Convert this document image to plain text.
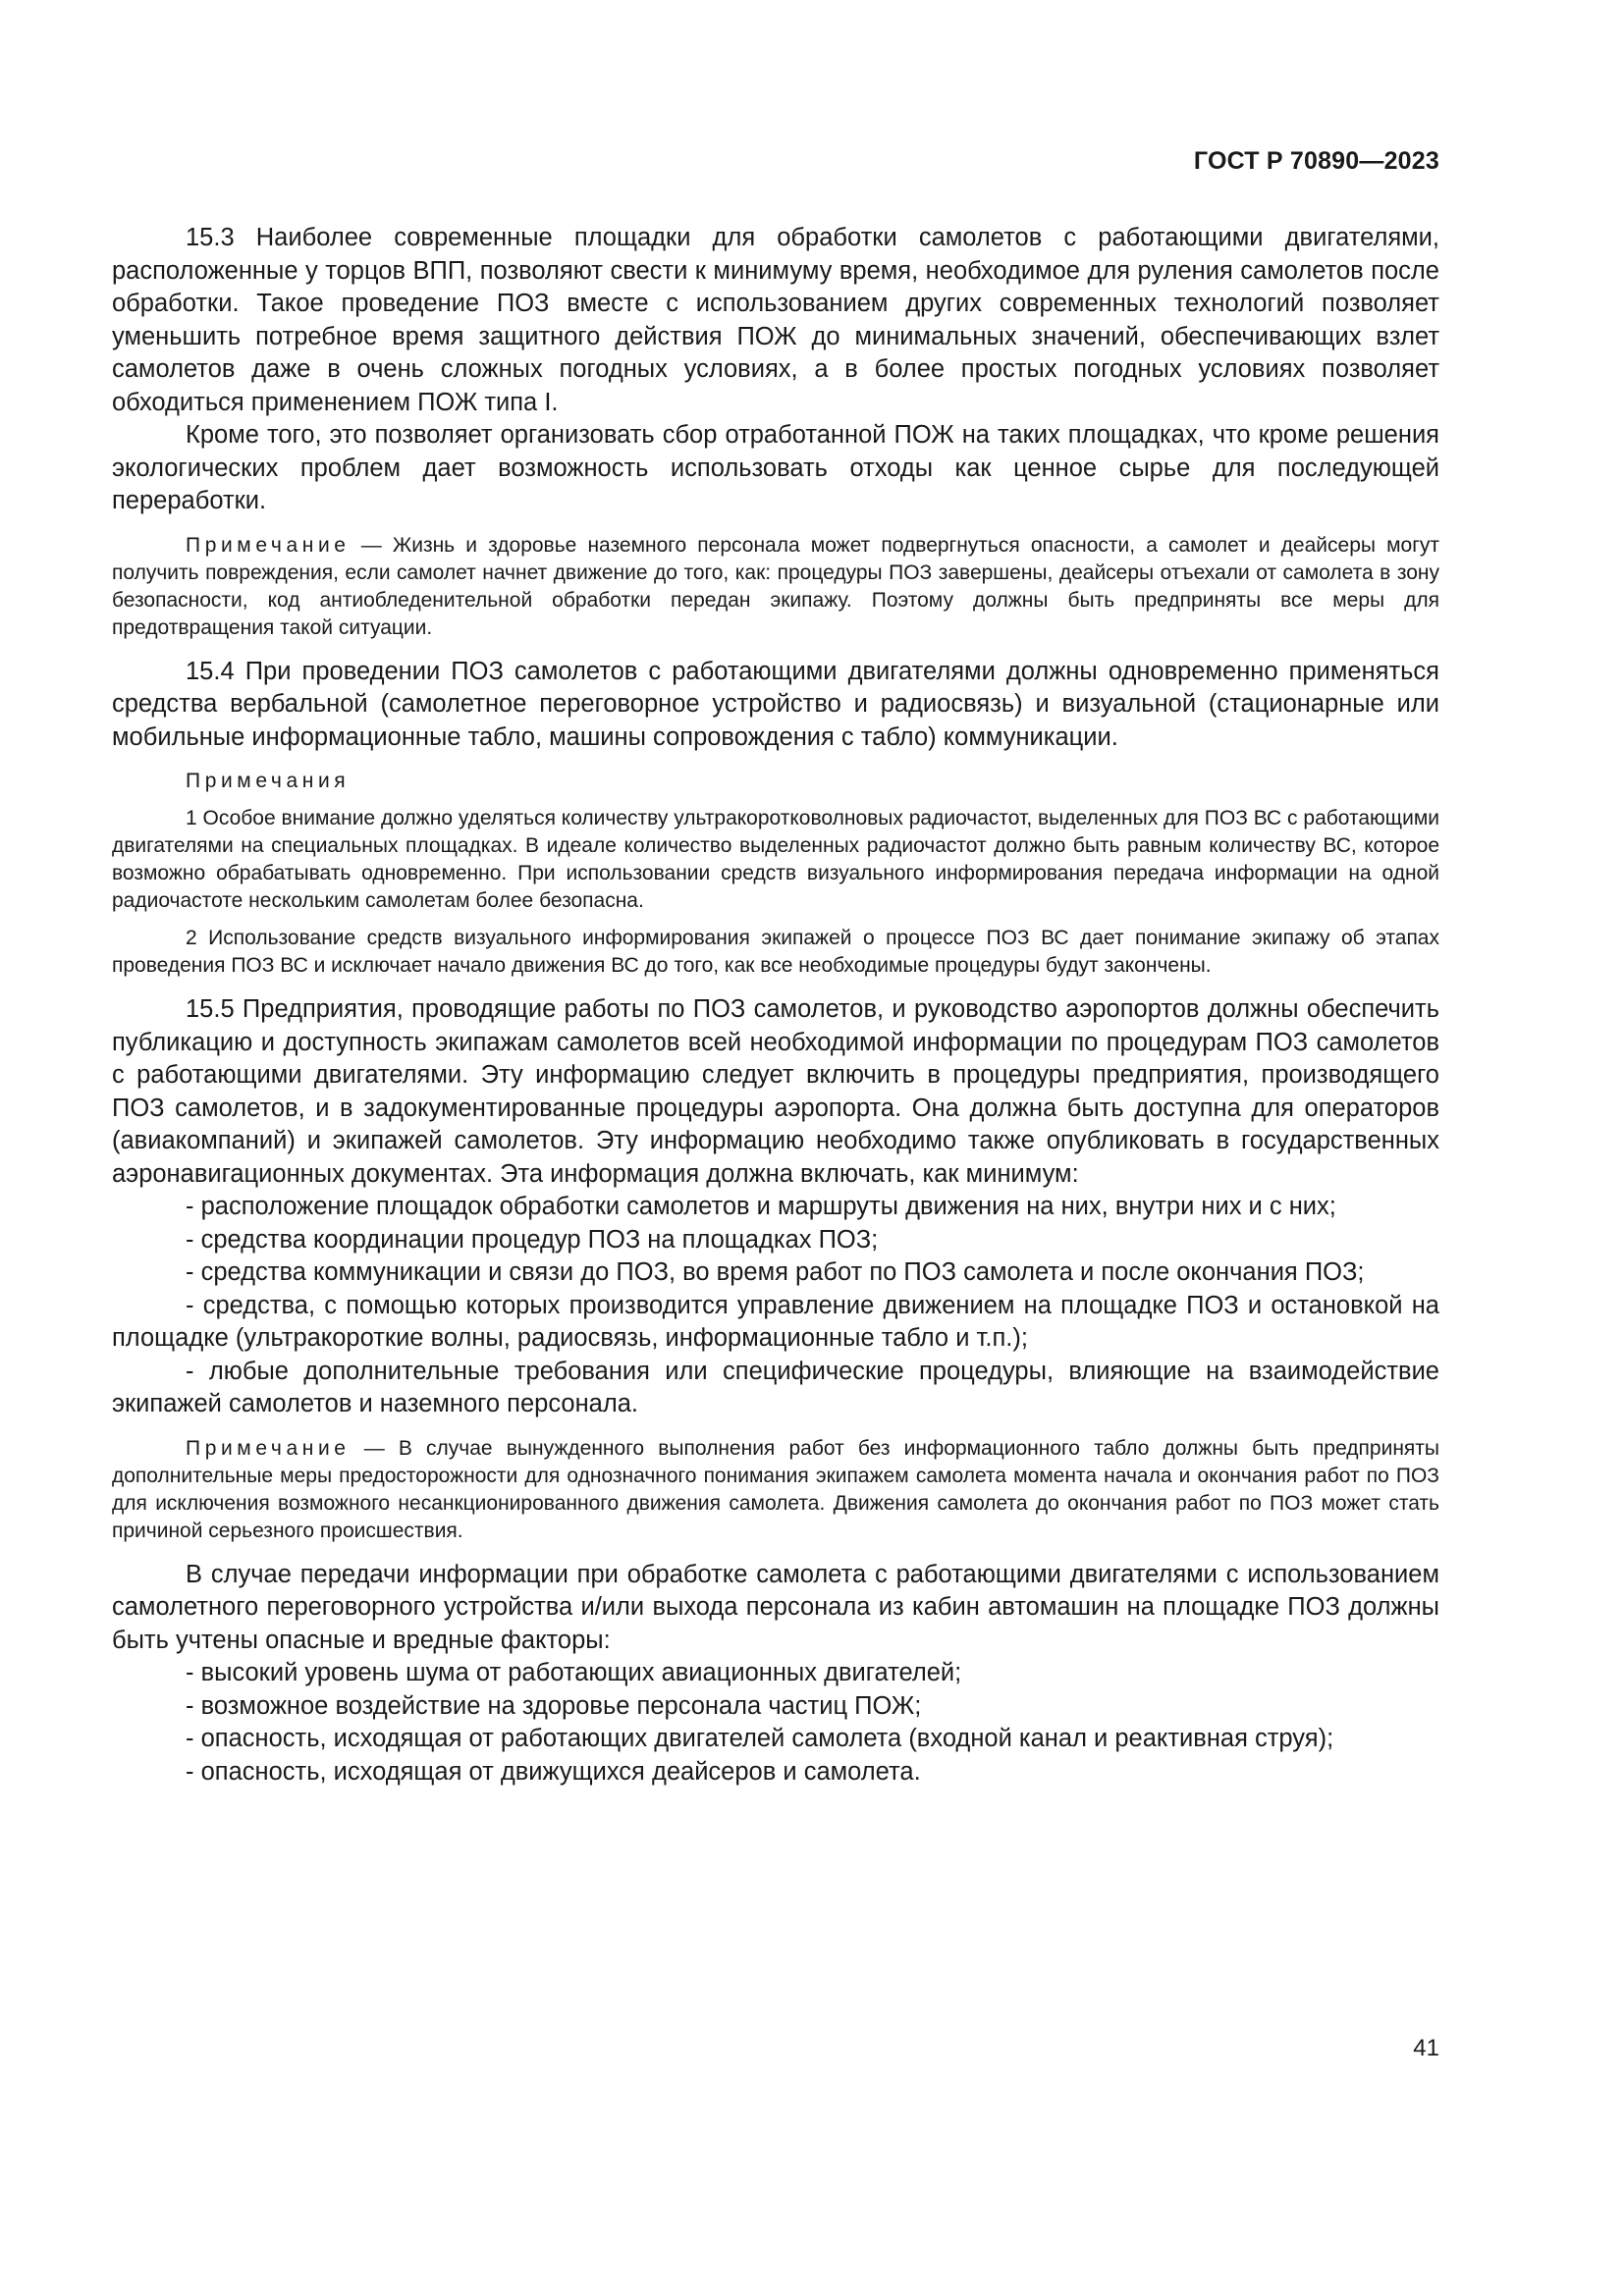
ГОСТ Р 70890—2023

15.3 Наиболее современные площадки для обработки самолетов с работающими двигателями, расположенные у торцов ВПП, позволяют свести к минимуму время, необходимое для руления самолетов после обработки. Такое проведение ПОЗ вместе с использованием других современных технологий позволяет уменьшить потребное время защитного действия ПОЖ до минимальных значений, обеспечивающих взлет самолетов даже в очень сложных погодных условиях, а в более простых погодных условиях позволяет обходиться применением ПОЖ типа I.

Кроме того, это позволяет организовать сбор отработанной ПОЖ на таких площадках, что кроме решения экологических проблем дает возможность использовать отходы как ценное сырье для последующей переработки.

Примечание — Жизнь и здоровье наземного персонала может подвергнуться опасности, а самолет и деайсеры могут получить повреждения, если самолет начнет движение до того, как: процедуры ПОЗ завершены, деайсеры отъехали от самолета в зону безопасности, код антиобледенительной обработки передан экипажу. Поэтому должны быть предприняты все меры для предотвращения такой ситуации.

15.4 При проведении ПОЗ самолетов с работающими двигателями должны одновременно применяться средства вербальной (самолетное переговорное устройство и радиосвязь) и визуальной (стационарные или мобильные информационные табло, машины сопровождения с табло) коммуникации.

Примечания

1 Особое внимание должно уделяться количеству ультракоротковолновых радиочастот, выделенных для ПОЗ ВС с работающими двигателями на специальных площадках. В идеале количество выделенных радиочастот должно быть равным количеству ВС, которое возможно обрабатывать одновременно. При использовании средств визуального информирования передача информации на одной радиочастоте нескольким самолетам более безопасна.

2 Использование средств визуального информирования экипажей о процессе ПОЗ ВС дает понимание экипажу об этапах проведения ПОЗ ВС и исключает начало движения ВС до того, как все необходимые процедуры будут закончены.

15.5 Предприятия, проводящие работы по ПОЗ самолетов, и руководство аэропортов должны обеспечить публикацию и доступность экипажам самолетов всей необходимой информации по процедурам ПОЗ самолетов с работающими двигателями. Эту информацию следует включить в процедуры предприятия, производящего ПОЗ самолетов, и в задокументированные процедуры аэропорта. Она должна быть доступна для операторов (авиакомпаний) и экипажей самолетов. Эту информацию необходимо также опубликовать в государственных аэронавигационных документах. Эта информация должна включать, как минимум:

- расположение площадок обработки самолетов и маршруты движения на них, внутри них и с них;

- средства координации процедур ПОЗ на площадках ПОЗ;

- средства коммуникации и связи до ПОЗ, во время работ по ПОЗ самолета и после окончания ПОЗ;

- средства, с помощью которых производится управление движением на площадке ПОЗ и остановкой на площадке (ультракороткие волны, радиосвязь, информационные табло и т.п.);

- любые дополнительные требования или специфические процедуры, влияющие на взаимодействие экипажей самолетов и наземного персонала.

Примечание — В случае вынужденного выполнения работ без информационного табло должны быть предприняты дополнительные меры предосторожности для однозначного понимания экипажем самолета момента начала и окончания работ по ПОЗ для исключения возможного несанкционированного движения самолета. Движения самолета до окончания работ по ПОЗ может стать причиной серьезного происшествия.

В случае передачи информации при обработке самолета с работающими двигателями с использованием самолетного переговорного устройства и/или выхода персонала из кабин автомашин на площадке ПОЗ должны быть учтены опасные и вредные факторы:

- высокий уровень шума от работающих авиационных двигателей;

- возможное воздействие на здоровье персонала частиц ПОЖ;

- опасность, исходящая от работающих двигателей самолета (входной канал и реактивная струя);

- опасность, исходящая от движущихся деайсеров и самолета.

41
